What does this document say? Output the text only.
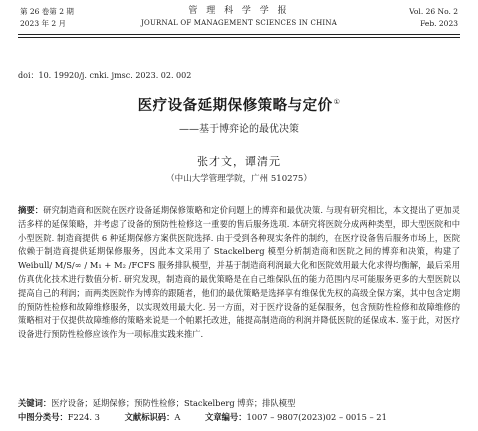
第 26 卷第 2 期
2023 年 2 月
管 理 科 学 学 报
JOURNAL OF MANAGEMENT SCIENCES IN CHINA
Vol. 26 No. 2
Feb. 2023
doi：10. 19920/j. cnki. jmsc. 2023. 02. 002
医疗设备延期保修策略与定价①
——基于博弈论的最优决策
张才文，谭清元
（中山大学管理学院，广州 510275）
摘要：研究制造商和医院在医疗设备延期保修策略和定价问题上的博弈和最优决策. 与现有研究相比，本文提出了更加灵活多样的延保策略，并考虑了设备的预防性检修这一重要的售后服务选项. 本研究将医院分成两种类型，即大型医院和中小型医院. 制造商提供 6 种延期保修方案供医院选择. 由于受到各种现实条件的制约，在医疗设备售后服务市场上，医院依赖于制造商提供延期保修服务，因此本文采用了 Stackelberg 模型分析制造商和医院之间的博弈和决策，构建了 Weibull/ M/S/∞ / M₁ + M₂ /FCFS 服务排队模型，并基于制造商利润最大化和医院效用最大化求得均衡解，最后采用仿真优化技术进行数值分析. 研究发现，制造商的最优策略是在自己维保队伍的能力范围内尽可能服务更多的大型医院以提高自己的利润；而两类医院作为博弈的跟随者，他们的最优策略是选择享有维保优先权的高级全保方案，其中包含定期的预防性检修和故障维修服务，以实现效用最大化. 另一方面，对于医疗设备的延保服务，包含预防性检修和故障维修的策略相对于仅提供故障维修的策略来说是一个帕累托改进，能提高制造商的利润并降低医院的延保成本. 鉴于此，对医疗设备进行预防性检修应该作为一项标准实践来推广.
关键词：医疗设备；延期保修；预防性检修；Stackelberg 博弈；排队模型
中图分类号：F224. 3	文献标识码：A	文章编号：1007 – 9807(2023)02 – 0015 – 21
